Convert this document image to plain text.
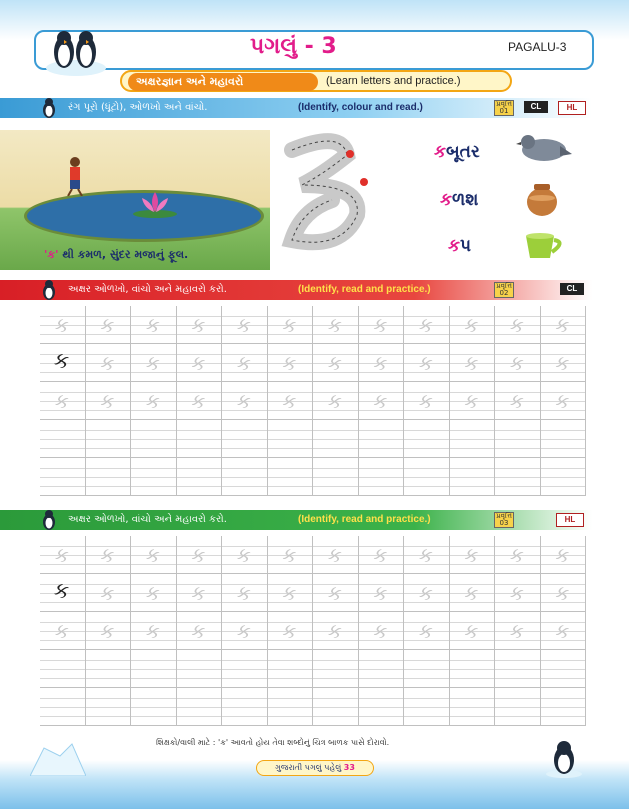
પગલું - 3	PAGALU-3
અક્ષરજ્ઞાન અને મહાવરો	(Learn letters and practice.)
રંગ પૂરો (ધૂંટો), ઓળખો અને વાંચો.	(Identify, colour and read.)	પ્રવૃત્તિ
01	CL	HL
'ક' થી કમળ, સુંદર મજાનું ફૂલ.
કબૂતર
કળશ
કપ
અક્ષર ઓળખો, વાંચો અને મહાવરો કરો.	(Identify, read and practice.)	પ્રવૃત્તિ
02	CL
ક ક ક ક ક ક ક ક ક ક ક ક
ક ક ક ક ક ક ક ક ક ક ક ક
ક ક ક ક ક ક ક ક ક ક ક ક
અક્ષર ઓળખો, વાંચો અને મહાવરો કરો.	(Identify, read and practice.)	પ્રવૃત્તિ
03	HL
ક ક ક ક ક ક ક ક ક ક ક ક
ક ક ક ક ક ક ક ક ક ક ક ક
ક ક ક ક ક ક ક ક ક ક ક ક
શિક્ષકો/વાલી માટે : 'ક' આવતો હોય તેવા શબ્દોનું ચિત્ર બાળક પાસે દોરાવો.
ગુજરાતી પગલું પહેલું 33
